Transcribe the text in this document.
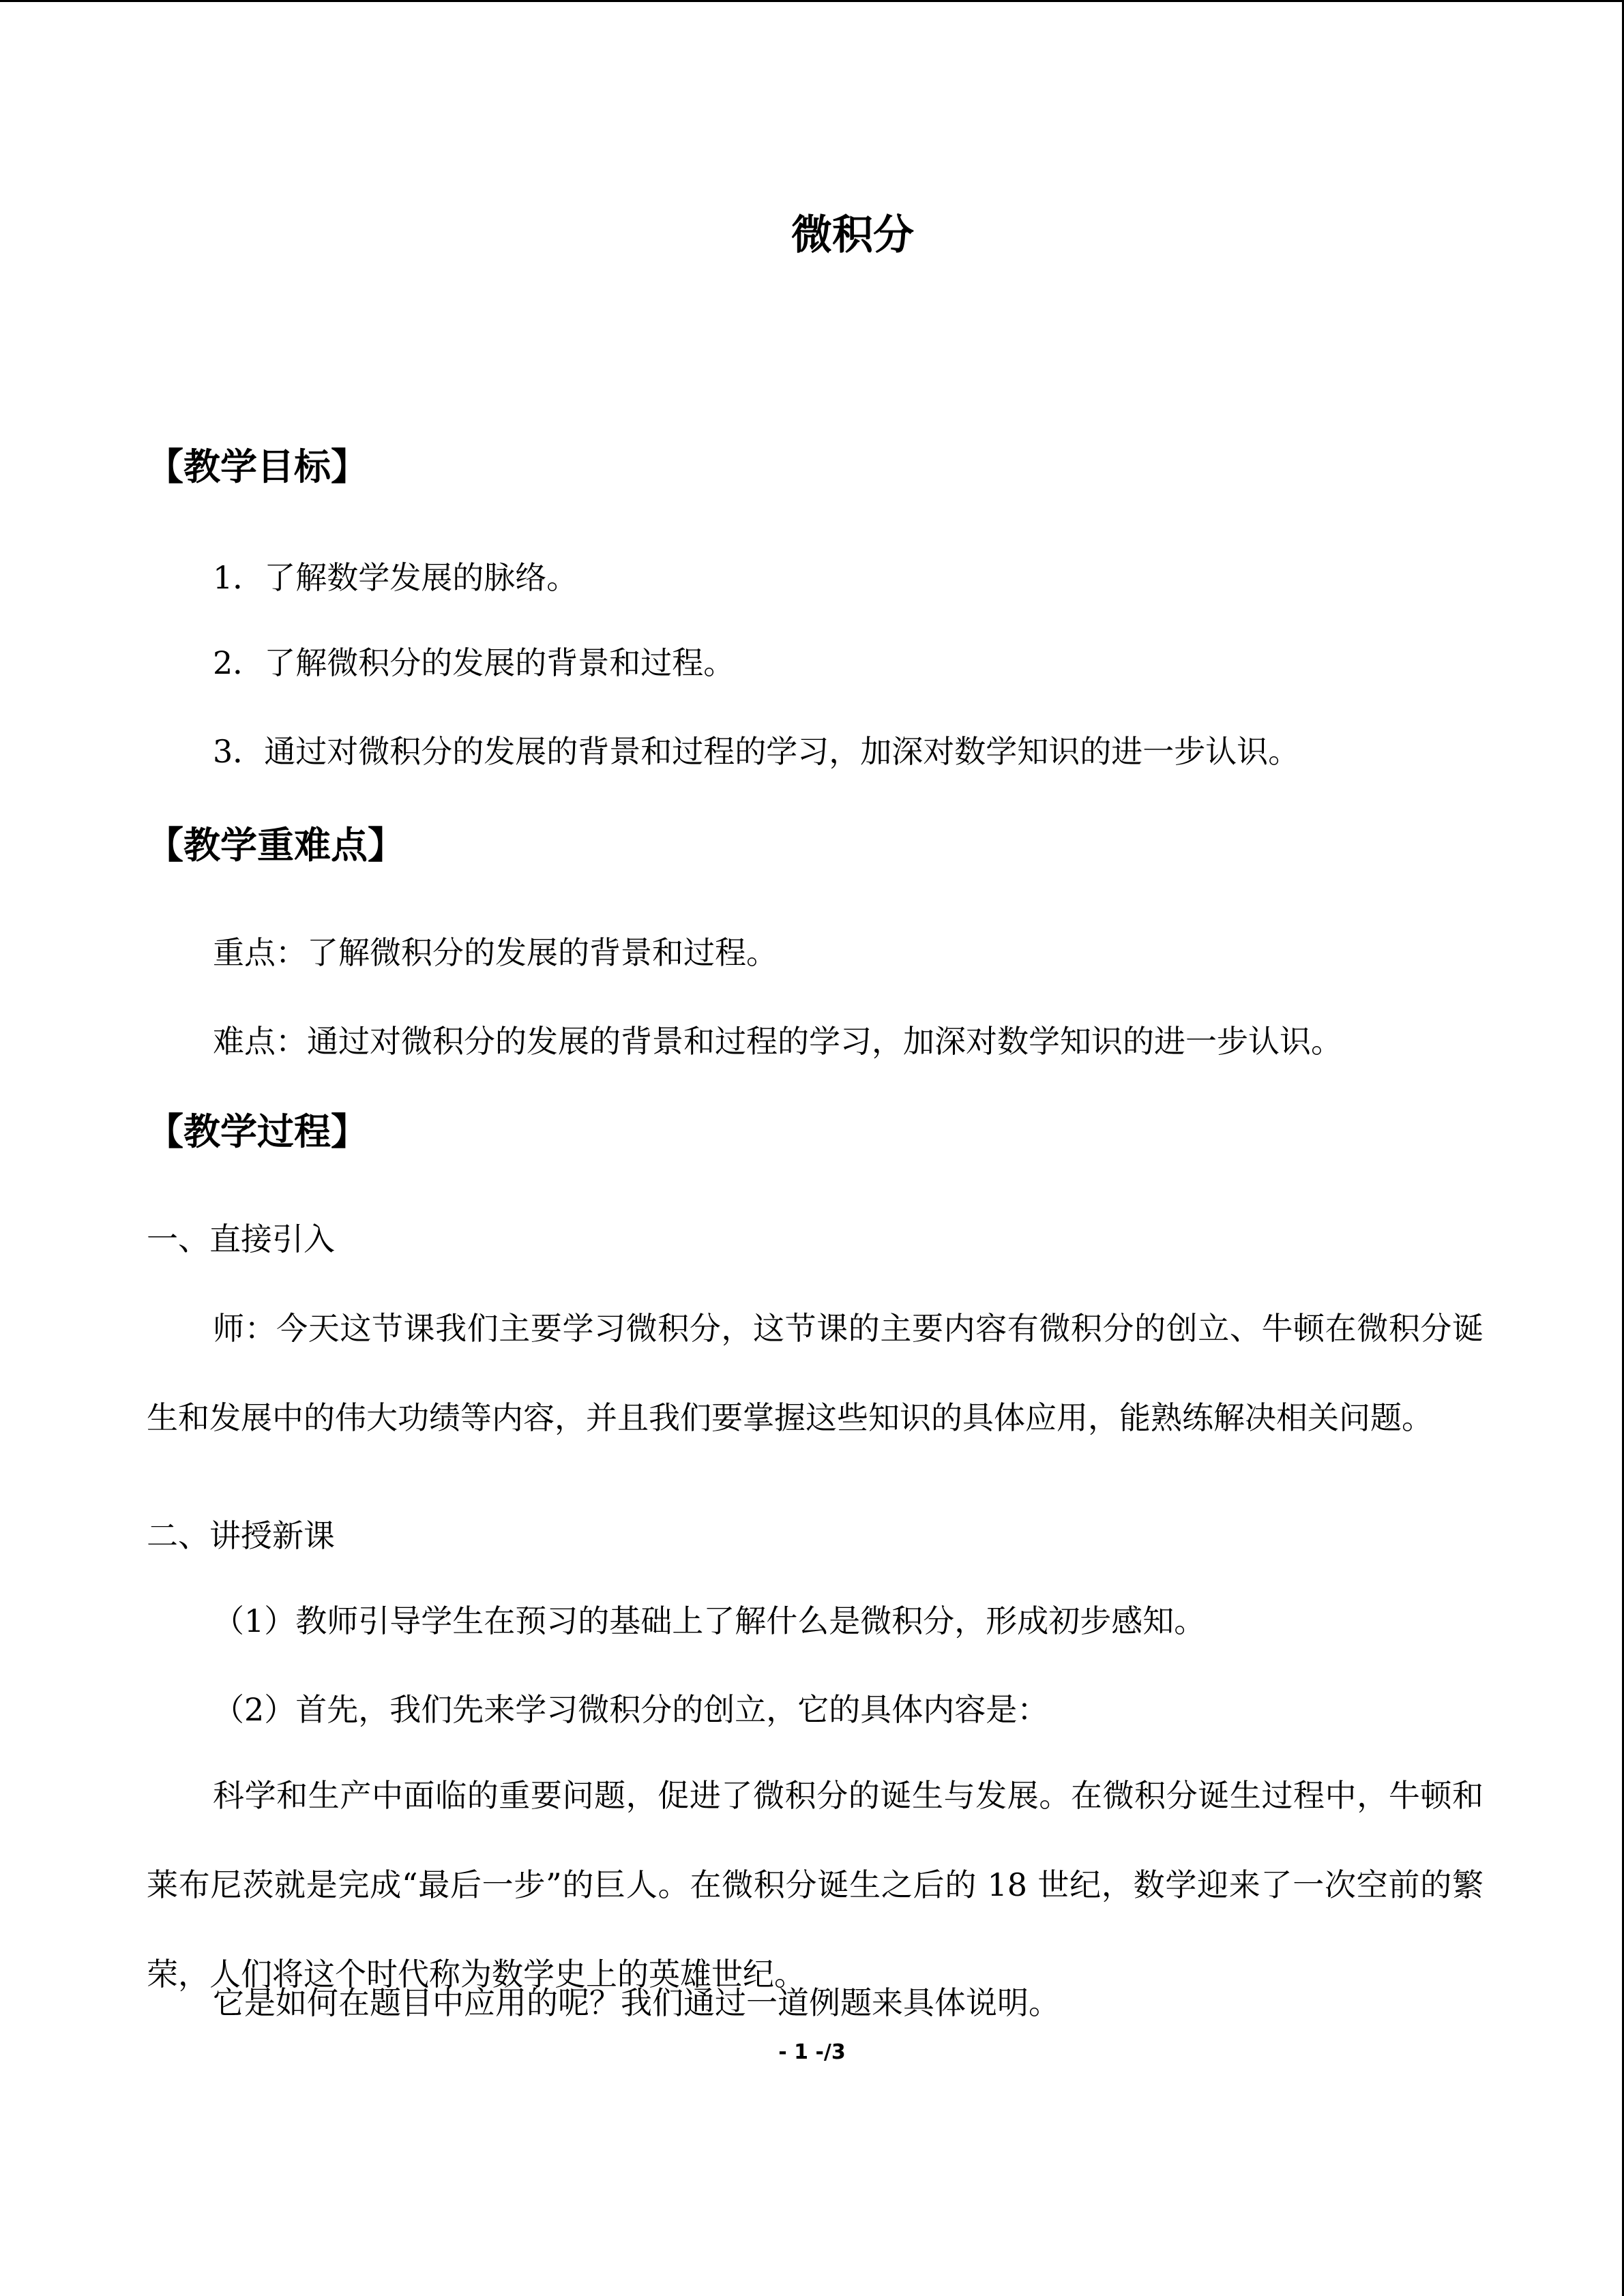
微积分
【教学目标】
1．了解数学发展的脉络。
2．了解微积分的发展的背景和过程。
3．通过对微积分的发展的背景和过程的学习，加深对数学知识的进一步认识。
【教学重难点】
重点：了解微积分的发展的背景和过程。
难点：通过对微积分的发展的背景和过程的学习，加深对数学知识的进一步认识。
【教学过程】
一、直接引入
师：今天这节课我们主要学习微积分，这节课的主要内容有微积分的创立、牛顿在微积分诞生和发展中的伟大功绩等内容，并且我们要掌握这些知识的具体应用，能熟练解决相关问题。
二、讲授新课
（1）教师引导学生在预习的基础上了解什么是微积分，形成初步感知。
（2）首先，我们先来学习微积分的创立，它的具体内容是：
科学和生产中面临的重要问题，促进了微积分的诞生与发展。在微积分诞生过程中，牛顿和莱布尼茨就是完成“最后一步”的巨人。在微积分诞生之后的 18 世纪，数学迎来了一次空前的繁荣，人们将这个时代称为数学史上的英雄世纪。
它是如何在题目中应用的呢？我们通过一道例题来具体说明。
- 1 -/3
